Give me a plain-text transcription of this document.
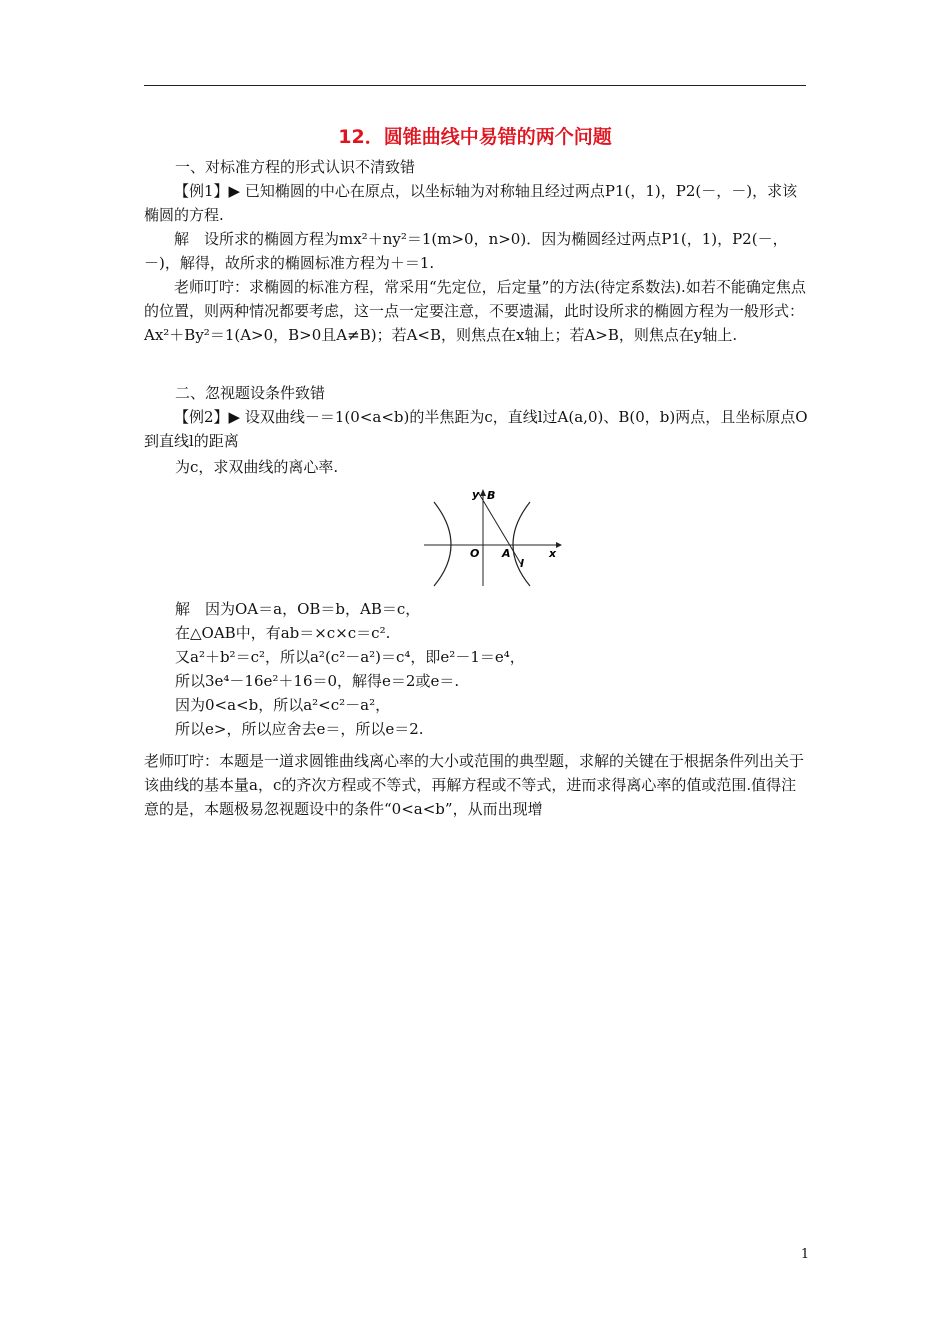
12．圆锥曲线中易错的两个问题
一、对标准方程的形式认识不清致错

【例1】▶ 已知椭圆的中心在原点，以坐标轴为对称轴且经过两点P1(，1)，P2(－，－)，求该椭圆的方程.

解　设所求的椭圆方程为mx²＋ny²＝1(m>0，n>0)．因为椭圆经过两点P1(，1)，P2(－，－)，解得，故所求的椭圆标准方程为＋＝1.

老师叮咛：求椭圆的标准方程，常采用“先定位，后定量”的方法(待定系数法).如若不能确定焦点的位置，则两种情况都要考虑，这一点一定要注意，不要遗漏，此时设所求的椭圆方程为一般形式：Ax²＋By²＝1(A>0，B>0且A≠B)；若A<B，则焦点在x轴上；若A>B，则焦点在y轴上.

二、忽视题设条件致错

【例2】▶ 设双曲线－＝1(0<a<b)的半焦距为c，直线l过A(a,0)、B(0，b)两点，且坐标原点O到直线l的距离

为c，求双曲线的离心率.
y B
O A	x
l
解　因为OA＝a，OB＝b，AB＝c，
在△OAB中，有ab＝×c×c＝c².
又a²＋b²＝c²，所以a²(c²－a²)＝c⁴，即e²－1＝e⁴，
所以3e⁴－16e²＋16＝0，解得e＝2或e＝.
因为0<a<b，所以a²<c²－a²，
所以e>，所以应舍去e＝，所以e＝2.

老师叮咛：本题是一道求圆锥曲线离心率的大小或范围的典型题，求解的关键在于根据条件列出关于该曲线的基本量a，c的齐次方程或不等式，再解方程或不等式，进而求得离心率的值或范围.值得注意的是，本题极易忽视题设中的条件“0<a<b”，从而出现增

1
